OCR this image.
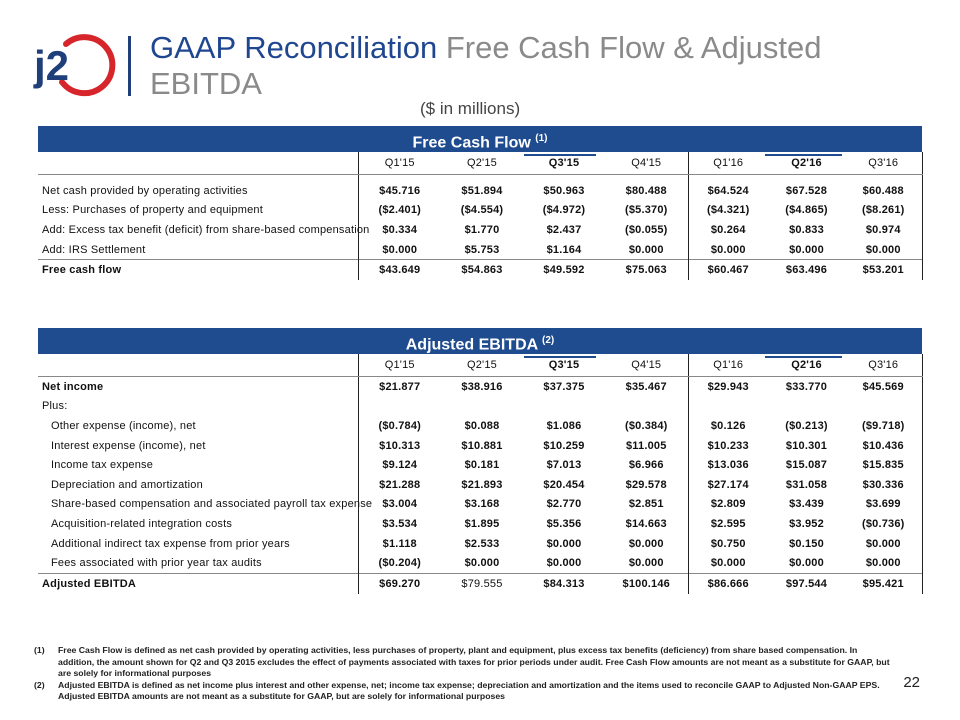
j2	GAAP Reconciliation Free Cash Flow & Adjusted EBITDA
($ in millions)
Free Cash Flow $^{(1)}$
	Q1'15	Q2'15	Q3'15	Q4'15	Q1'16	Q2'16	Q3'16

Net cash provided by operating activities	$45.716	$51.894	$50.963	$80.488	$64.524	$67.528	$60.488
Less: Purchases of property and equipment	($2.401)	($4.554)	($4.972)	($5.370)	($4.321)	($4.865)	($8.261)
Add: Excess tax benefit (deficit) from share-based compensation	$0.334	$1.770	$2.437	($0.055)	$0.264	$0.833	$0.974
Add: IRS Settlement	$0.000	$5.753	$1.164	$0.000	$0.000	$0.000	$0.000
Free cash flow	$43.649	$54.863	$49.592	$75.063	$60.467	$63.496	$53.201
Adjusted EBITDA $^{(2)}$
	Q1'15	Q2'15	Q3'15	Q4'15	Q1'16	Q2'16	Q3'16
Net income	$21.877	$38.916	$37.375	$35.467	$29.943	$33.770	$45.569
Plus:							
Other expense (income), net	($0.784)	$0.088	$1.086	($0.384)	$0.126	($0.213)	($9.718)
Interest expense (income), net	$10.313	$10.881	$10.259	$11.005	$10.233	$10.301	$10.436
Income tax expense	$9.124	$0.181	$7.013	$6.966	$13.036	$15.087	$15.835
Depreciation and amortization	$21.288	$21.893	$20.454	$29.578	$27.174	$31.058	$30.336
Share-based compensation and associated payroll tax expense	$3.004	$3.168	$2.770	$2.851	$2.809	$3.439	$3.699
Acquisition-related integration costs	$3.534	$1.895	$5.356	$14.663	$2.595	$3.952	($0.736)
Additional indirect tax expense from prior years	$1.118	$2.533	$0.000	$0.000	$0.750	$0.150	$0.000
Fees associated with prior year tax audits	($0.204)	$0.000	$0.000	$0.000	$0.000	$0.000	$0.000
Adjusted EBITDA	$69.270	$79.555	$84.313	$100.146	$86.666	$97.544	$95.421
(1)	Free Cash Flow is defined as net cash provided by operating activities, less purchases of property, plant and equipment, plus excess tax benefits (deficiency) from share based compensation. In addition, the amount shown for Q2 and Q3 2015 excludes the effect of payments associated with taxes for prior periods under audit. Free Cash Flow amounts are not meant as a substitute for GAAP, but are solely for informational purposes
(2)	Adjusted EBITDA is defined as net income plus interest and other expense, net; income tax expense; depreciation and amortization and the items used to reconcile GAAP to Adjusted Non-GAAP EPS. Adjusted EBITDA amounts are not meant as a substitute for GAAP, but are solely for informational purposes
22
